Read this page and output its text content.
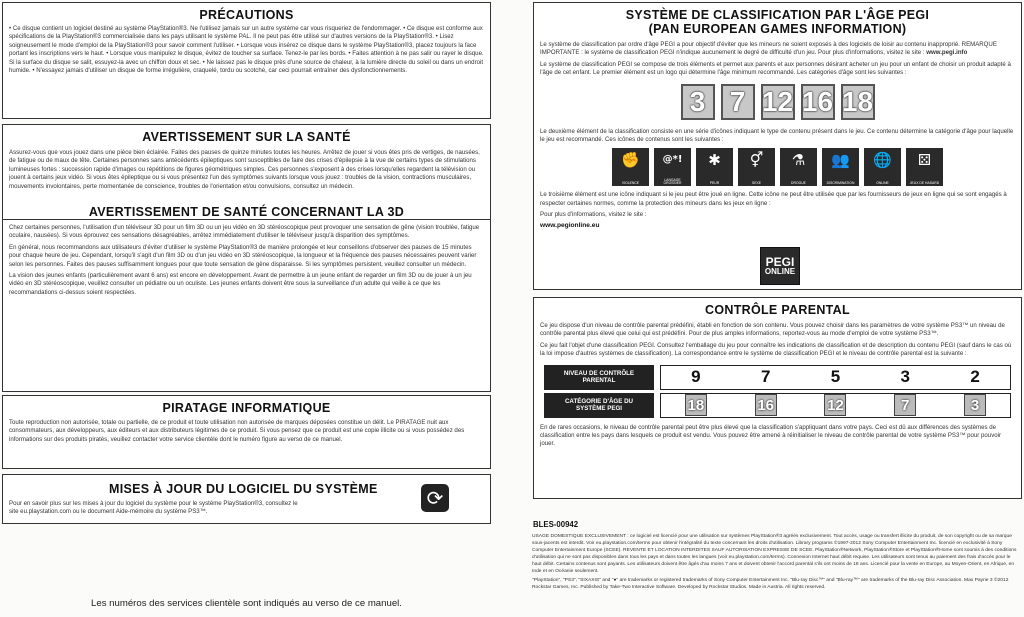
PRÉCAUTIONS

• Ce disque contient un logiciel destiné au système PlayStation®3. Ne l'utilisez jamais sur un autre système car vous risqueriez de l'endommager. • Ce disque est conforme aux spécifications de la PlayStation®3 commercialisée dans les pays utilisant le système PAL. Il ne peut pas être utilisé sur d'autres versions de la PlayStation®3. • Lisez soigneusement le mode d'emploi de la PlayStation®3 pour savoir comment l'utiliser. • Lorsque vous insérez ce disque dans le système PlayStation®3, placez toujours la face portant les inscriptions vers le haut. • Lorsque vous manipulez le disque, évitez de toucher sa surface. Tenez-le par les bords. • Faites attention à ne pas salir ou rayer le disque. Si la surface du disque se salit, essuyez-la avec un chiffon doux et sec. • Ne laissez pas le disque près d'une source de chaleur, à la lumière directe du soleil ou dans un endroit humide. • N'essayez jamais d'utiliser un disque de forme irrégulière, craquelé, tordu ou scotché, car ceci pourrait entraîner des dysfonctionnements.

AVERTISSEMENT SUR LA SANTÉ

Assurez-vous que vous jouez dans une pièce bien éclairée. Faites des pauses de quinze minutes toutes les heures. Arrêtez de jouer si vous êtes pris de vertiges, de nausées, de fatigue ou de maux de tête. Certaines personnes sans antécédents épileptiques sont susceptibles de faire des crises d'épilepsie à la vue de certains types de stimulations lumineuses fortes : succession rapide d'images ou répétitions de figures géométriques simples. Ces personnes s'exposent à des crises lorsqu'elles regardent la télévision ou jouent à certains jeux vidéo. Si vous êtes épileptique ou si vous présentez l'un des symptômes suivants lorsque vous jouez : troubles de la vision, contractions musculaires, mouvements involontaires, perte momentanée de conscience, troubles de l'orientation et/ou convulsions, consultez un médecin.

AVERTISSEMENT DE SANTÉ CONCERNANT LA 3D

Chez certaines personnes, l'utilisation d'un téléviseur 3D pour un film 3D ou un jeu vidéo en 3D stéréoscopique peut provoquer une sensation de gêne (vision troublée, fatigue oculaire, nausées). Si vous éprouvez ces sensations désagréables, arrêtez immédiatement d'utiliser le téléviseur jusqu'à disparition des symptômes.

En général, nous recommandons aux utilisateurs d'éviter d'utiliser le système PlayStation®3 de manière prolongée et leur conseillons d'observer des pauses de 15 minutes pour chaque heure de jeu. Cependant, lorsqu'il s'agit d'un film 3D ou d'un jeu vidéo en 3D stéréoscopique, la longueur et la fréquence des pauses nécessaires peuvent varier selon les personnes. Faites des pauses suffisamment longues pour que toute sensation de gêne disparaisse. Si les symptômes persistent, veuillez consulter un médecin.

La vision des jeunes enfants (particulièrement avant 6 ans) est encore en développement. Avant de permettre à un jeune enfant de regarder un film 3D ou de jouer à un jeu vidéo en 3D stéréoscopique, veuillez consulter un pédiatre ou un oculiste. Les jeunes enfants doivent être sous la surveillance d'un adulte qui veille à ce que les recommandations ci-dessus soient respectées.

PIRATAGE INFORMATIQUE

Toute reproduction non autorisée, totale ou partielle, de ce produit et toute utilisation non autorisée de marques déposées constitue un délit. Le PIRATAGE nuit aux consommateurs, aux développeurs, aux éditeurs et aux distributeurs légitimes de ce produit. Si vous pensez que ce produit est une copie illicite ou si vous possédez des informations sur des produits piratés, veuillez contacter votre service clientèle dont le numéro figure au verso de ce manuel.

MISES À JOUR DU LOGICIEL DU SYSTÈME

Pour en savoir plus sur les mises à jour du logiciel du système pour le système PlayStation®3, consultez le site eu.playstation.com ou le document Aide-mémoire du système PS3™.

⟳
Les numéros des services clientèle sont indiqués au verso de ce manuel.
SYSTÈME DE CLASSIFICATION PAR L'ÂGE PEGI
(PAN EUROPEAN GAMES INFORMATION)

Le système de classification par ordre d'âge PEGI a pour objectif d'éviter que les mineurs ne soient exposés à des logiciels de loisir au contenu inapproprié. REMARQUE IMPORTANTE : le système de classification PEGI n'indique aucunement le degré de difficulté d'un jeu. Pour plus d'informations, visitez le site : www.pegi.info

Le système de classification PEGI se compose de trois éléments et permet aux parents et aux personnes désirant acheter un jeu pour un enfant de choisir un produit adapté à l'âge de cet enfant. Le premier élément est un logo qui détermine l'âge minimum recommandé. Les catégories d'âge sont les suivantes :

3 7 12 16 18

Le deuxième élément de la classification consiste en une série d'icônes indiquant le type de contenu présent dans le jeu. Ce contenu détermine la catégorie d'âge pour laquelle le jeu est recommandé. Ces icônes de contenus sont les suivantes :

✊
VIOLENCE
@*!
LANGAGE GROSSIER
✱
PEUR
⚥
SEXE
⚗
DROGUE
👥
DISCRIMINATION
🌐
ONLINE
⚄
JEUX DE HASARD

Le troisième élément est une icône indiquant si le jeu peut être joué en ligne. Cette icône ne peut être utilisée que par les fournisseurs de jeux en ligne qui se sont engagés à respecter certaines normes, comme la protection des mineurs dans les jeux en ligne :

Pour plus d'informations, visitez le site :

www.pegionline.eu

PEGI
ONLINE
CONTRÔLE PARENTAL

Ce jeu dispose d'un niveau de contrôle parental prédéfini, établi en fonction de son contenu. Vous pouvez choisir dans les paramètres de votre système PS3™ un niveau de contrôle parental plus élevé que celui qui est prédéfini. Pour de plus amples informations, reportez-vous au mode d'emploi de votre système PS3™.

Ce jeu fait l'objet d'une classification PEGI. Consultez l'emballage du jeu pour connaître les indications de classification et de description du contenu PEGI (sauf dans le cas où la loi impose d'autres systèmes de classification). La correspondance entre le système de classification PEGI et le niveau de contrôle parental est la suivante :

NIVEAU DE CONTRÔLE PARENTAL	9	7	5	3	2
CATÉGORIE D'ÂGE DU SYSTÈME PEGI	18	16	12	7	3

En de rares occasions, le niveau de contrôle parental peut être plus élevé que la classification s'appliquant dans votre pays. Ceci est dû aux différences des systèmes de classification entre les pays dans lesquels ce produit est vendu. Vous pouvez être amené à réinitialiser le niveau de contrôle parental de votre système PS3™ pour pouvoir jouer.

BLES-00942

USAGE DOMESTIQUE EXCLUSIVEMENT : ce logiciel est licencié pour une utilisation sur systèmes PlayStation®3 agréés exclusivement. Tout accès, usage ou transfert illicite du produit, de son copyright ou de sa marque sous-jacents est interdit. Voir eu.playstation.com/terms pour obtenir l'intégralité du texte concernant les droits d'utilisation. Library programs ©1997-2012 Sony Computer Entertainment Inc. licencié en exclusivité à Sony Computer Entertainment Europe (SCEE). REVENTE ET LOCATION INTERDITES SAUF AUTORISATION EXPRESSE DE SCEE. PlayStation®Network, PlayStation®Store et PlayStation®Home sont soumis à des conditions d'utilisation qui ne sont pas disponibles dans tous les pays et dans toutes les langues (voir eu.playstation.com/terms). Connexion Internet haut débit requise. Les utilisateurs sont tenus au paiement des frais d'accès pour le haut débit. Certains contenus sont payants. Les utilisateurs doivent être âgés d'au moins 7 ans et doivent obtenir l'accord parental s'ils ont moins de 18 ans. Licencié pour la vente en Europe, au Moyen-Orient, en Afrique, en Inde et en Océanie seulement.

"PlayStation", "PS3", "SIXAXIS" and "●" are trademarks or registered trademarks of Sony Computer Entertainment Inc. "Blu-ray Disc™" and "Blu-ray™" are trademarks of the Blu-ray Disc Association. Max Payne 3 ©2012 Rockstar Games, Inc. Published by Take-Two Interactive Software. Developed by Rockstar Studios. Made in Austria. All rights reserved.
